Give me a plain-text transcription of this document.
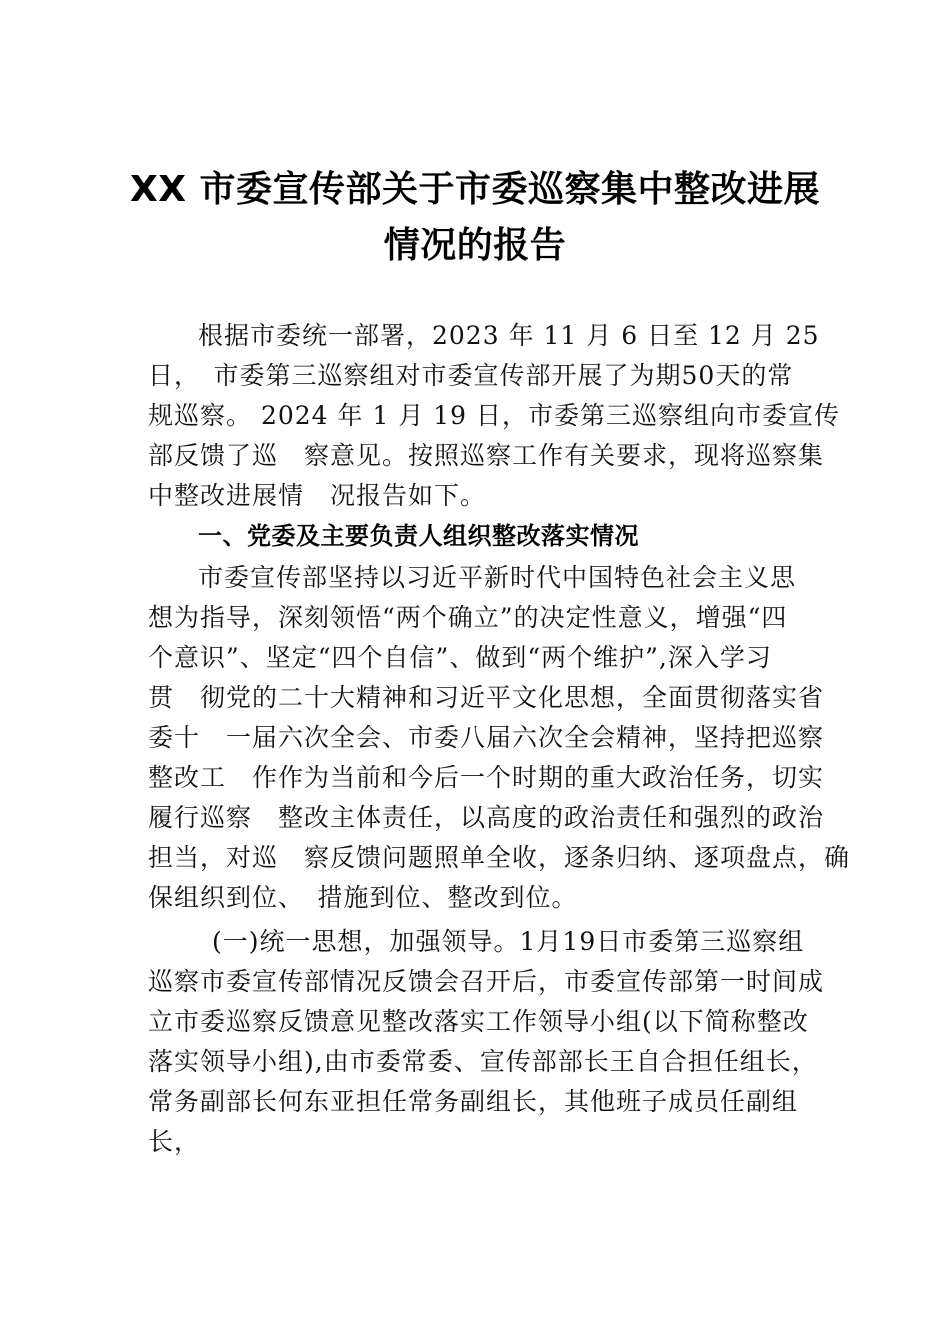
XX 市委宣传部关于市委巡察集中整改进展
情况的报告
根据市委统一部署，2023 年 11 月 6 日至 12 月 25
日，　市委第三巡察组对市委宣传部开展了为期50天的常
规巡察。 2024 年 1 月 19 日，市委第三巡察组向市委宣传
部反馈了巡　察意见。按照巡察工作有关要求，现将巡察集
中整改进展情　况报告如下。
一、党委及主要负责人组织整改落实情况
市委宣传部坚持以习近平新时代中国特色社会主义思
想为指导，深刻领悟“两个确立”的决定性意义，增强“四
个意识”、坚定“四个自信”、做到“两个维护”,深入学习
贯　彻党的二十大精神和习近平文化思想，全面贯彻落实省
委十　一届六次全会、市委八届六次全会精神，坚持把巡察
整改工　作作为当前和今后一个时期的重大政治任务，切实
履行巡察　整改主体责任，以高度的政治责任和强烈的政治
担当，对巡　察反馈问题照单全收，逐条归纳、逐项盘点，确
保组织到位、　措施到位、整改到位。
(一)统一思想，加强领导。1月19日市委第三巡察组
巡察市委宣传部情况反馈会召开后，市委宣传部第一时间成
立市委巡察反馈意见整改落实工作领导小组(以下简称整改
落实领导小组),由市委常委、宣传部部长王自合担任组长，
常务副部长何东亚担任常务副组长，其他班子成员任副组
长，
